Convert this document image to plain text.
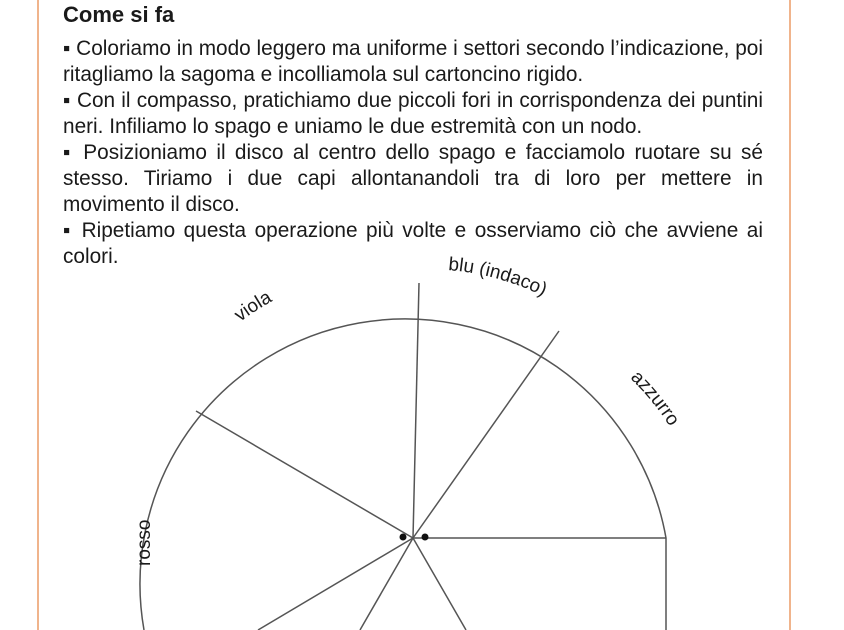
Come si fa

▪ Coloriamo in modo leggero ma uniforme i settori secondo l’indicazione, poi ritagliamo la sagoma e incolliamola sul cartoncino rigido.

▪ Con il compasso, pratichiamo due piccoli fori in corrispondenza dei puntini neri. Infiliamo lo spago e uniamo le due estremità con un nodo.

▪ Posizioniamo il disco al centro dello spago e facciamolo ruotare su sé stesso. Tiriamo i due capi allontanandoli tra di loro per mettere in movimento il disco.

▪ Ripetiamo questa operazione più volte e osserviamo ciò che avviene ai colori.

viola
blu (indaco)
azzurro
rosso
